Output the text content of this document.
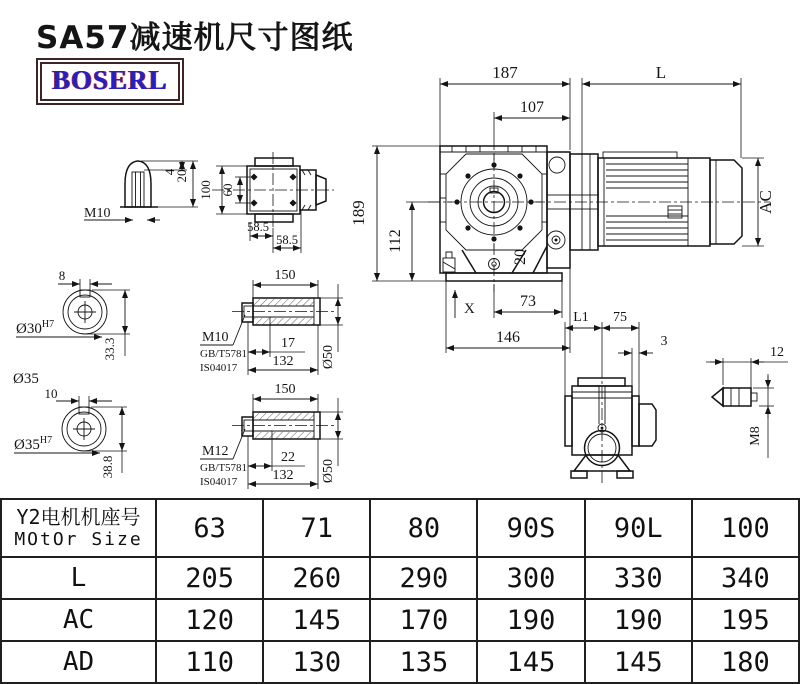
187	L
107
20
AC
X	73
146
189
112
M10
4
20
100 60
58.5
58.5
8
$Ø30^{H7}$
33.3
Ø35
150
17
132 Ø50
M10
GB/T5781
IS04017
10
$Ø35^{H7}$
38.8
150
22
132 Ø50
M12
GB/T5781
IS04017
L1 75
3
12
M8
SA57减速机尺寸图纸
BOSERL
Y2电机机座号
MOtOr Size	63	71	80	90S	90L	100
L	205	260	290	300	330	340
AC	120	145	170	190	190	195
AD	110	130	135	145	145	180
